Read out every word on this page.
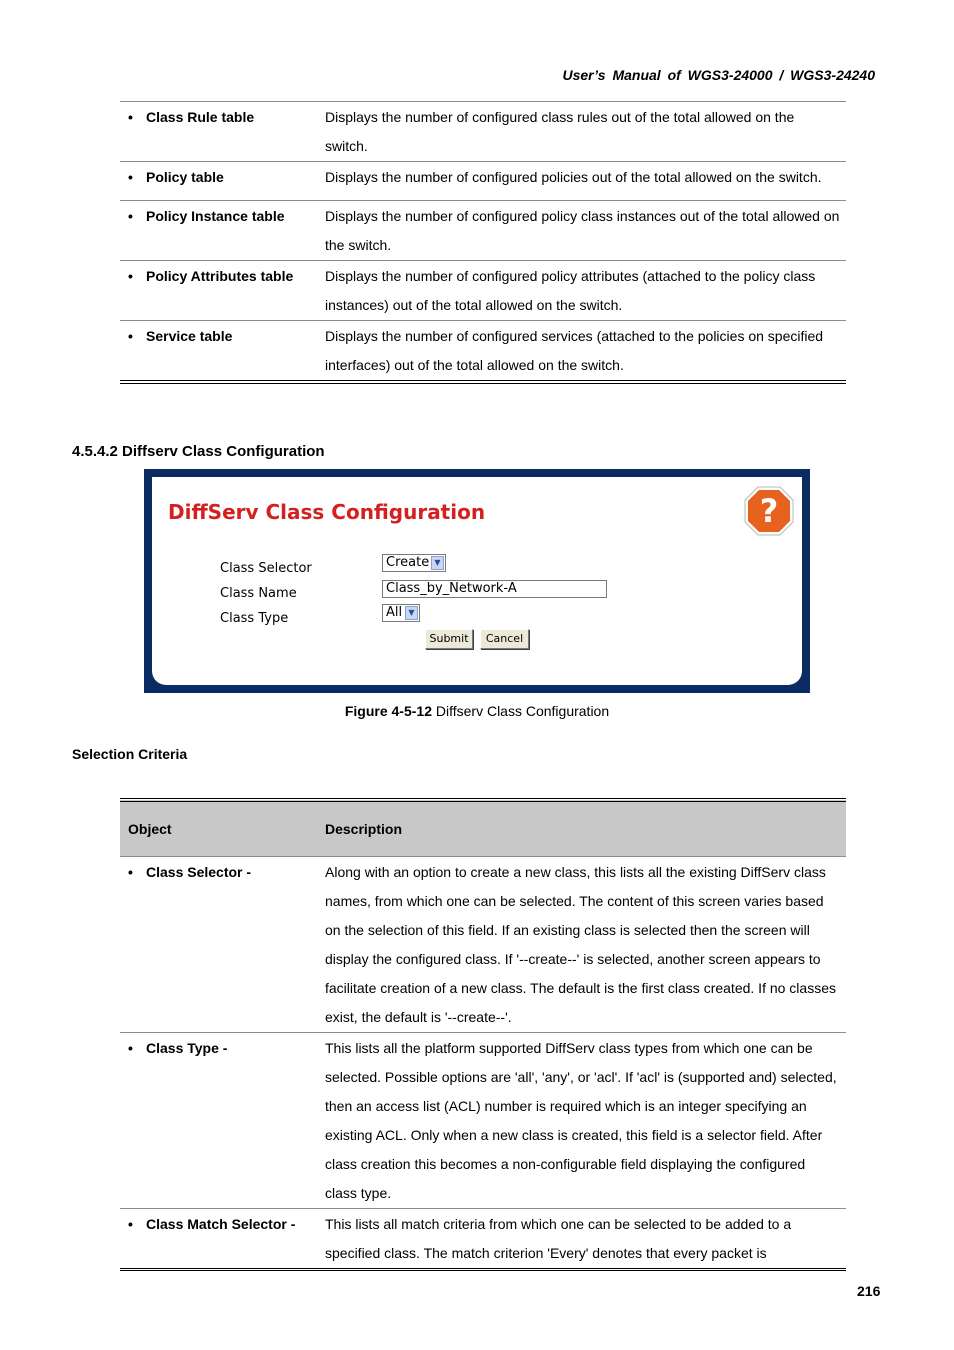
User’s Manual of WGS3-24000 / WGS3-24240
• Class Rule table	Displays the number of configured class rules out of the total allowed on the switch.
• Policy table	Displays the number of configured policies out of the total allowed on the switch.
• Policy Instance table	Displays the number of configured policy class instances out of the total allowed on the switch.
• Policy Attributes table	Displays the number of configured policy attributes (attached to the policy class instances) out of the total allowed on the switch.
• Service table	Displays the number of configured services (attached to the policies on specified interfaces) out of the total allowed on the switch.
4.5.4.2 Diffserv Class Configuration
DiffServ Class Configuration	?
Class Selector	Create ▼
Class Name	Class_by_Network-A
Class Type	All ▼
Submit	Cancel
Figure 4-5-12 Diffserv Class Configuration
Selection Criteria
Object	Description
• Class Selector -	Along with an option to create a new class, this lists all the existing DiffServ class names, from which one can be selected. The content of this screen varies based on the selection of this field. If an existing class is selected then the screen will display the configured class. If '--create--' is selected, another screen appears to facilitate creation of a new class. The default is the first class created. If no classes exist, the default is '--create--'.
• Class Type -	This lists all the platform supported DiffServ class types from which one can be selected. Possible options are 'all', 'any', or 'acl'. If 'acl' is (supported and) selected, then an access list (ACL) number is required which is an integer specifying an existing ACL. Only when a new class is created, this field is a selector field. After class creation this becomes a non-configurable field displaying the configured class type.
• Class Match Selector -	This lists all match criteria from which one can be selected to be added to a specified class. The match criterion 'Every' denotes that every packet is
216
